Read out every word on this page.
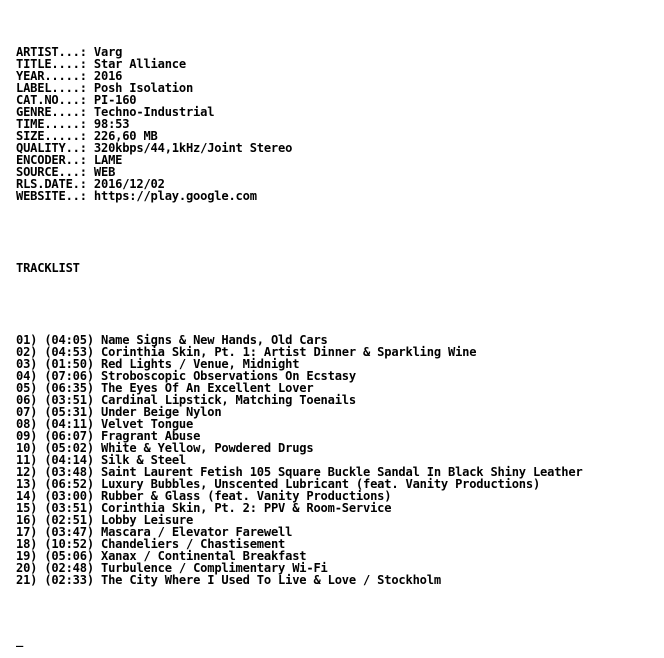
ARTIST...: Varg
TITLE....: Star Alliance
YEAR.....: 2016
LABEL....: Posh Isolation
CAT.NO...: PI-160
GENRE....: Techno-Industrial
TIME.....: 98:53
SIZE.....: 226,60 MB
QUALITY..: 320kbps/44,1kHz/Joint Stereo
ENCODER..: LAME
SOURCE...: WEB
RLS.DATE.: 2016/12/02
WEBSITE..: https://play.google.com

TRACKLIST

01) (04:05) Name Signs & New Hands, Old Cars
02) (04:53) Corinthia Skin, Pt. 1: Artist Dinner & Sparkling Wine
03) (01:50) Red Lights / Venue, Midnight
04) (07:06) Stroboscopic Observations On Ecstasy
05) (06:35) The Eyes Of An Excellent Lover
06) (03:51) Cardinal Lipstick, Matching Toenails
07) (05:31) Under Beige Nylon
08) (04:11) Velvet Tongue
09) (06:07) Fragrant Abuse
10) (05:02) White & Yellow, Powdered Drugs
11) (04:14) Silk & Steel
12) (03:48) Saint Laurent Fetish 105 Square Buckle Sandal In Black Shiny Leather
13) (06:52) Luxury Bubbles, Unscented Lubricant (feat. Vanity Productions)
14) (03:00) Rubber & Glass (feat. Vanity Productions)
15) (03:51) Corinthia Skin, Pt. 2: PPV & Room-Service
16) (02:51) Lobby Leisure
17) (03:47) Mascara / Elevator Farewell
18) (10:52) Chandeliers / Chastisement
19) (05:06) Xanax / Continental Breakfast
20) (02:48) Turbulence / Complimentary Wi-Fi
21) (02:33) The City Where I Used To Live & Love / Stockholm

_
